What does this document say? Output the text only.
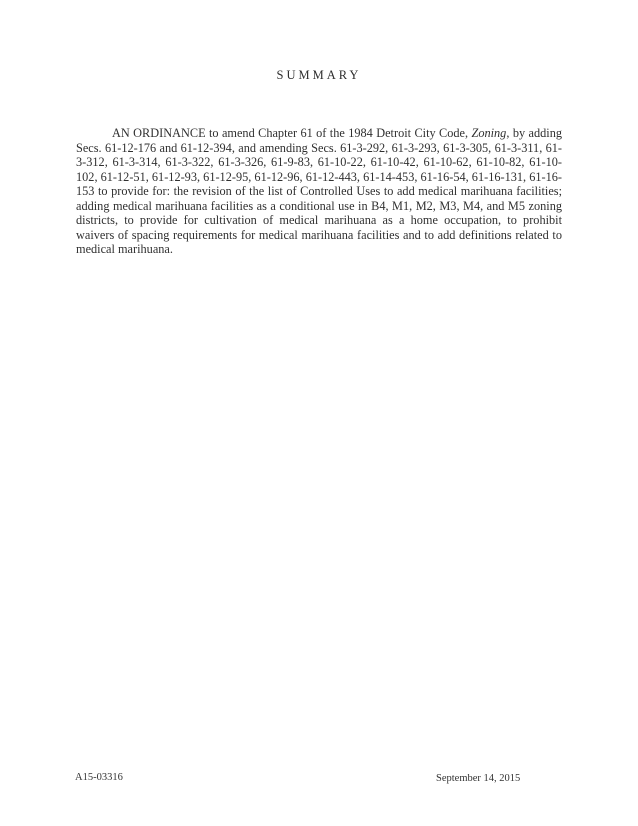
SUMMARY

AN ORDINANCE to amend Chapter 61 of the 1984 Detroit City Code, Zoning, by adding Secs. 61-12-176 and 61-12-394, and amending Secs. 61-3-292, 61-3-293, 61-3-305, 61-3-311, 61-3-312, 61-3-314, 61-3-322, 61-3-326, 61-9-83, 61-10-22, 61-10-42, 61-10-62, 61-10-82, 61-10-102, 61-12-51, 61-12-93, 61-12-95, 61-12-96, 61-12-443, 61-14-453, 61-16-54, 61-16-131, 61-16-153 to provide for: the revision of the list of Controlled Uses to add medical marihuana facilities; adding medical marihuana facilities as a conditional use in B4, M1, M2, M3, M4, and M5 zoning districts, to provide for cultivation of medical marihuana as a home occupation, to prohibit waivers of spacing requirements for medical marihuana facilities and to add definitions related to medical marihuana.

A15-03316	September 14, 2015
